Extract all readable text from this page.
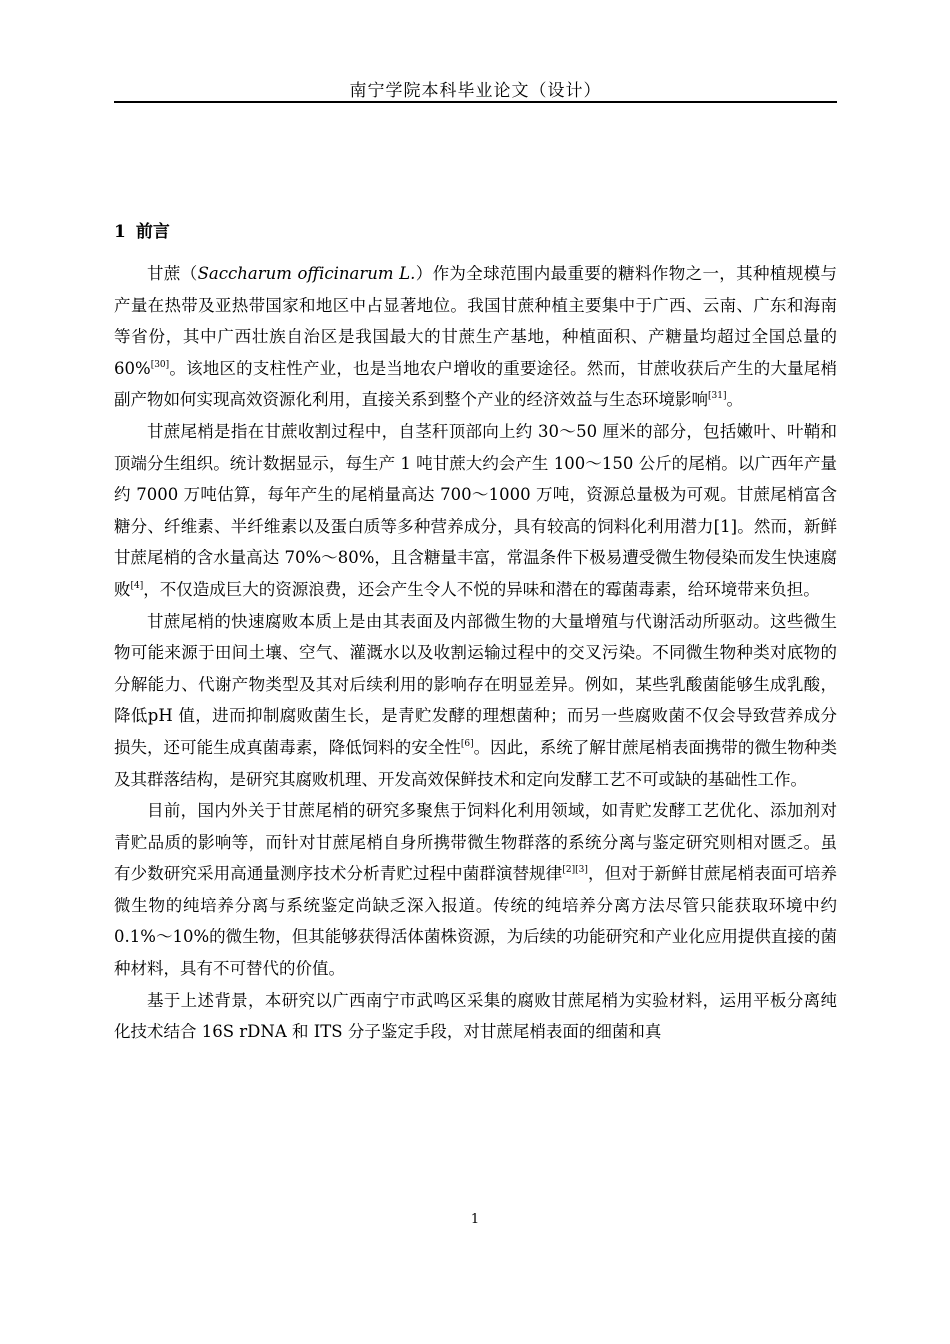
南宁学院本科毕业论文（设计）
1 前言

甘蔗（Saccharum officinarum L.）作为全球范围内最重要的糖料作物之一，其种植规模与产量在热带及亚热带国家和地区中占显著地位。我国甘蔗种植主要集中于广西、云南、广东和海南等省份，其中广西壮族自治区是我国最大的甘蔗生产基地，种植面积、产糖量均超过全国总量的60%[30]。该地区的支柱性产业，也是当地农户增收的重要途径。然而，甘蔗收获后产生的大量尾梢副产物如何实现高效资源化利用，直接关系到整个产业的经济效益与生态环境影响[31]。

甘蔗尾梢是指在甘蔗收割过程中，自茎秆顶部向上约 30～50 厘米的部分，包括嫩叶、叶鞘和顶端分生组织。统计数据显示，每生产 1 吨甘蔗大约会产生 100～150 公斤的尾梢。以广西年产量约 7000 万吨估算，每年产生的尾梢量高达 700～1000 万吨，资源总量极为可观。甘蔗尾梢富含糖分、纤维素、半纤维素以及蛋白质等多种营养成分，具有较高的饲料化利用潜力[1]。然而，新鲜甘蔗尾梢的含水量高达 70%～80%，且含糖量丰富，常温条件下极易遭受微生物侵染而发生快速腐败[4]，不仅造成巨大的资源浪费，还会产生令人不悦的异味和潜在的霉菌毒素，给环境带来负担。

甘蔗尾梢的快速腐败本质上是由其表面及内部微生物的大量增殖与代谢活动所驱动。这些微生物可能来源于田间土壤、空气、灌溉水以及收割运输过程中的交叉污染。不同微生物种类对底物的分解能力、代谢产物类型及其对后续利用的影响存在明显差异。例如，某些乳酸菌能够生成乳酸，降低pH 值，进而抑制腐败菌生长，是青贮发酵的理想菌种；而另一些腐败菌不仅会导致营养成分损失，还可能生成真菌毒素，降低饲料的安全性[6]。因此，系统了解甘蔗尾梢表面携带的微生物种类及其群落结构，是研究其腐败机理、开发高效保鲜技术和定向发酵工艺不可或缺的基础性工作。

目前，国内外关于甘蔗尾梢的研究多聚焦于饲料化利用领域，如青贮发酵工艺优化、添加剂对青贮品质的影响等，而针对甘蔗尾梢自身所携带微生物群落的系统分离与鉴定研究则相对匮乏。虽有少数研究采用高通量测序技术分析青贮过程中菌群演替规律[2][3]，但对于新鲜甘蔗尾梢表面可培养微生物的纯培养分离与系统鉴定尚缺乏深入报道。传统的纯培养分离方法尽管只能获取环境中约 0.1%～10%的微生物，但其能够获得活体菌株资源，为后续的功能研究和产业化应用提供直接的菌种材料，具有不可替代的价值。

基于上述背景，本研究以广西南宁市武鸣区采集的腐败甘蔗尾梢为实验材料，运用平板分离纯化技术结合 16S rDNA 和 ITS 分子鉴定手段，对甘蔗尾梢表面的细菌和真

1
